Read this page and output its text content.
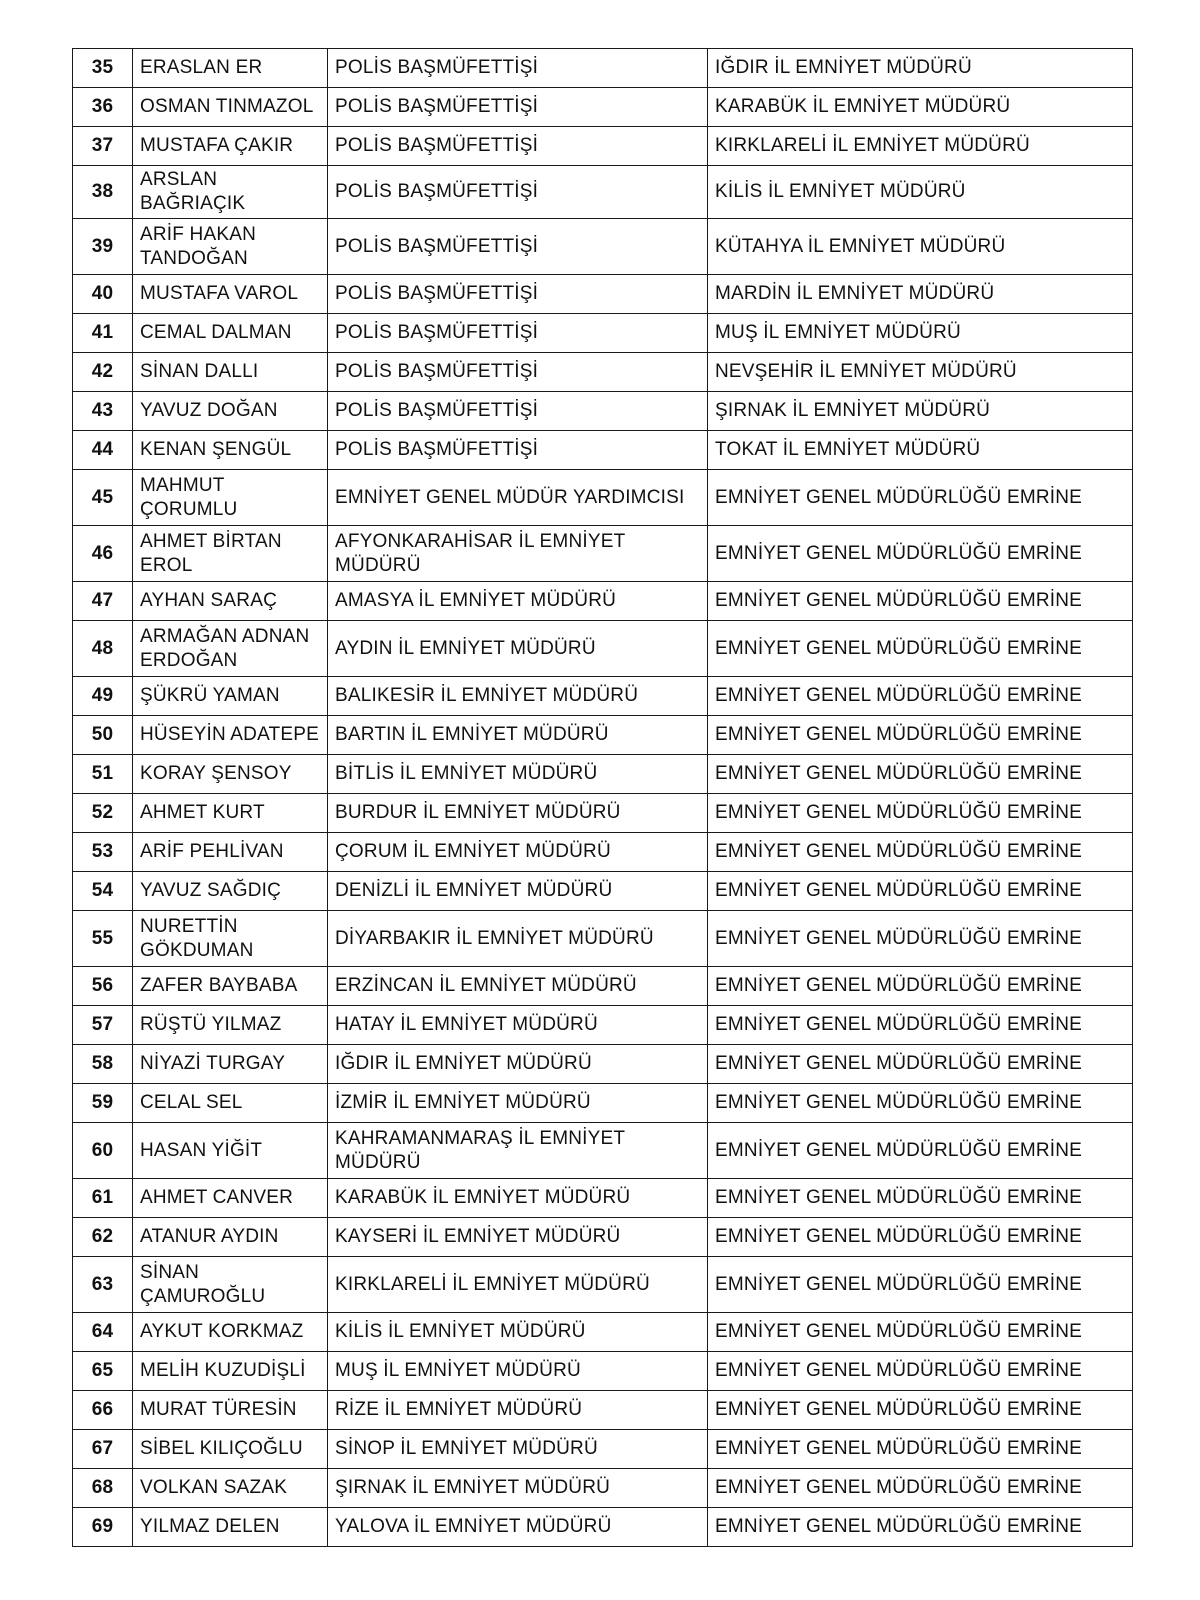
35	ERASLAN ER	POLİS BAŞMÜFETTİŞİ	IĞDIR İL EMNİYET MÜDÜRÜ
36	OSMAN TINMAZOL	POLİS BAŞMÜFETTİŞİ	KARABÜK İL EMNİYET MÜDÜRÜ
37	MUSTAFA ÇAKIR	POLİS BAŞMÜFETTİŞİ	KIRKLARELİ İL EMNİYET MÜDÜRÜ
38	ARSLAN BAĞRIAÇIK	POLİS BAŞMÜFETTİŞİ	KİLİS İL EMNİYET MÜDÜRÜ
39	ARİF HAKAN TANDOĞAN	POLİS BAŞMÜFETTİŞİ	KÜTAHYA İL EMNİYET MÜDÜRÜ
40	MUSTAFA VAROL	POLİS BAŞMÜFETTİŞİ	MARDİN İL EMNİYET MÜDÜRÜ
41	CEMAL DALMAN	POLİS BAŞMÜFETTİŞİ	MUŞ İL EMNİYET MÜDÜRÜ
42	SİNAN DALLI	POLİS BAŞMÜFETTİŞİ	NEVŞEHİR İL EMNİYET MÜDÜRÜ
43	YAVUZ DOĞAN	POLİS BAŞMÜFETTİŞİ	ŞIRNAK İL EMNİYET MÜDÜRÜ
44	KENAN ŞENGÜL	POLİS BAŞMÜFETTİŞİ	TOKAT İL EMNİYET MÜDÜRÜ
45	MAHMUT ÇORUMLU	EMNİYET GENEL MÜDÜR YARDIMCISI	EMNİYET GENEL MÜDÜRLÜĞÜ EMRİNE
46	AHMET BİRTAN EROL	AFYONKARAHİSAR İL EMNİYET MÜDÜRÜ	EMNİYET GENEL MÜDÜRLÜĞÜ EMRİNE
47	AYHAN SARAÇ	AMASYA İL EMNİYET MÜDÜRÜ	EMNİYET GENEL MÜDÜRLÜĞÜ EMRİNE
48	ARMAĞAN ADNAN ERDOĞAN	AYDIN İL EMNİYET MÜDÜRÜ	EMNİYET GENEL MÜDÜRLÜĞÜ EMRİNE
49	ŞÜKRÜ YAMAN	BALIKESİR İL EMNİYET MÜDÜRÜ	EMNİYET GENEL MÜDÜRLÜĞÜ EMRİNE
50	HÜSEYİN ADATEPE	BARTIN İL EMNİYET MÜDÜRÜ	EMNİYET GENEL MÜDÜRLÜĞÜ EMRİNE
51	KORAY ŞENSOY	BİTLİS İL EMNİYET MÜDÜRÜ	EMNİYET GENEL MÜDÜRLÜĞÜ EMRİNE
52	AHMET KURT	BURDUR İL EMNİYET MÜDÜRÜ	EMNİYET GENEL MÜDÜRLÜĞÜ EMRİNE
53	ARİF PEHLİVAN	ÇORUM İL EMNİYET MÜDÜRÜ	EMNİYET GENEL MÜDÜRLÜĞÜ EMRİNE
54	YAVUZ SAĞDIÇ	DENİZLİ İL EMNİYET MÜDÜRÜ	EMNİYET GENEL MÜDÜRLÜĞÜ EMRİNE
55	NURETTİN GÖKDUMAN	DİYARBAKIR İL EMNİYET MÜDÜRÜ	EMNİYET GENEL MÜDÜRLÜĞÜ EMRİNE
56	ZAFER BAYBABA	ERZİNCAN İL EMNİYET MÜDÜRÜ	EMNİYET GENEL MÜDÜRLÜĞÜ EMRİNE
57	RÜŞTÜ YILMAZ	HATAY İL EMNİYET MÜDÜRÜ	EMNİYET GENEL MÜDÜRLÜĞÜ EMRİNE
58	NİYAZİ TURGAY	IĞDIR İL EMNİYET MÜDÜRÜ	EMNİYET GENEL MÜDÜRLÜĞÜ EMRİNE
59	CELAL SEL	İZMİR İL EMNİYET MÜDÜRÜ	EMNİYET GENEL MÜDÜRLÜĞÜ EMRİNE
60	HASAN YİĞİT	KAHRAMANMARAŞ İL EMNİYET MÜDÜRÜ	EMNİYET GENEL MÜDÜRLÜĞÜ EMRİNE
61	AHMET CANVER	KARABÜK İL EMNİYET MÜDÜRÜ	EMNİYET GENEL MÜDÜRLÜĞÜ EMRİNE
62	ATANUR AYDIN	KAYSERİ İL EMNİYET MÜDÜRÜ	EMNİYET GENEL MÜDÜRLÜĞÜ EMRİNE
63	SİNAN ÇAMUROĞLU	KIRKLARELİ İL EMNİYET MÜDÜRÜ	EMNİYET GENEL MÜDÜRLÜĞÜ EMRİNE
64	AYKUT KORKMAZ	KİLİS İL EMNİYET MÜDÜRÜ	EMNİYET GENEL MÜDÜRLÜĞÜ EMRİNE
65	MELİH KUZUDİŞLİ	MUŞ İL EMNİYET MÜDÜRÜ	EMNİYET GENEL MÜDÜRLÜĞÜ EMRİNE
66	MURAT TÜRESİN	RİZE İL EMNİYET MÜDÜRÜ	EMNİYET GENEL MÜDÜRLÜĞÜ EMRİNE
67	SİBEL KILIÇOĞLU	SİNOP İL EMNİYET MÜDÜRÜ	EMNİYET GENEL MÜDÜRLÜĞÜ EMRİNE
68	VOLKAN SAZAK	ŞIRNAK İL EMNİYET MÜDÜRÜ	EMNİYET GENEL MÜDÜRLÜĞÜ EMRİNE
69	YILMAZ DELEN	YALOVA İL EMNİYET MÜDÜRÜ	EMNİYET GENEL MÜDÜRLÜĞÜ EMRİNE
